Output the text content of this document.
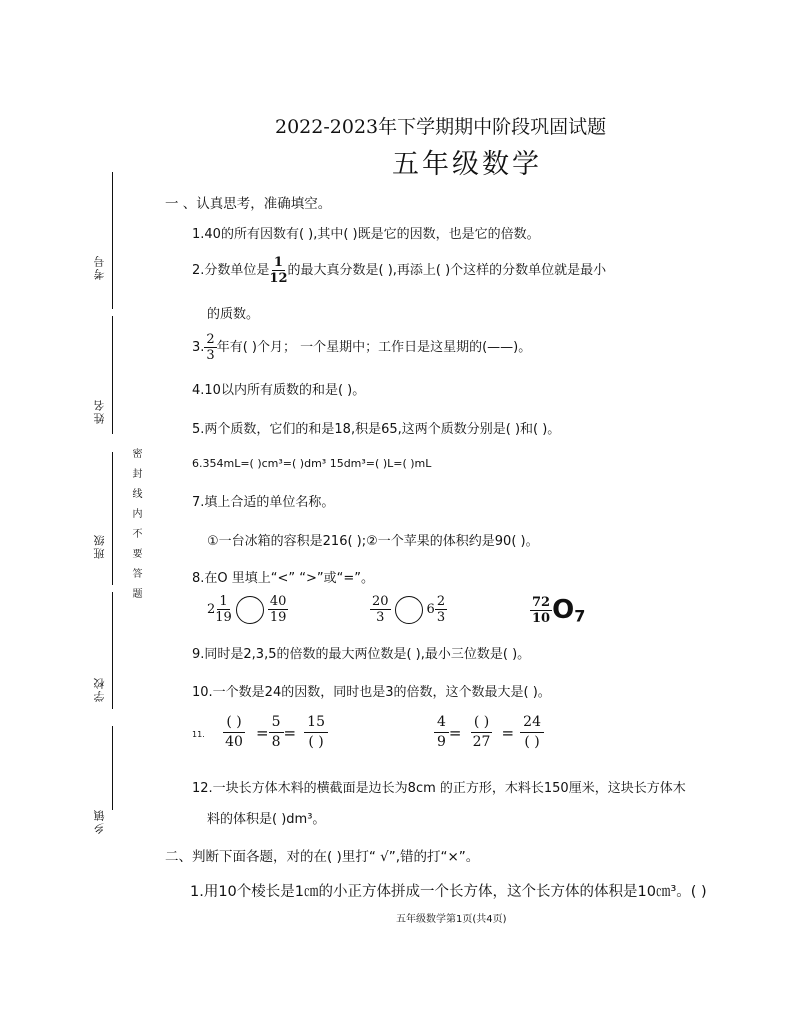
2022-2023年下学期期中阶段巩固试题
五年级数学
考号
姓名
班级
学校
乡镇
密封线内不要答题
一 、认真思考，准确填空。
1.40的所有因数有( ),其中( )既是它的因数，也是它的倍数。
2.分数单位是 $\frac{1}{12}$ 的最大真分数是( ),再添上( )个这样的分数单位就是最小
的质数。
3. $\frac{2}{3}$ 年有( )个月； 一个星期中；工作日是这星期的(——)。
4.10以内所有质数的和是( )。
5.两个质数，它们的和是18,积是65,这两个质数分别是( )和( )。
6.354mL=( )cm³=( )dm³ 15dm³=( )L=( )mL
7.填上合适的单位名称。
①一台冰箱的容积是216( );②一个苹果的体积约是90( )。
8.在O 里填上“<” “>”或“=”。
$2 \frac{1}{19}$	$\frac{40}{19}$	$\frac{20}{3}$	$6 \frac{2}{3}$	$\frac{72}{10} O7$
9.同时是2,3,5的倍数的最大两位数是( ),最小三位数是( )。
10.一个数是24的因数，同时也是3的倍数，这个数最大是( )。
11. $\frac{( )}{40} = \frac{5}{8} = \frac{15}{( )}$	$\frac{4}{9} = \frac{( )}{27} = \frac{24}{( )}$
12.一块长方体木料的横截面是边长为8cm 的正方形，木料长150厘米，这块长方体木
料的体积是( )dm³。
二、判断下面各题，对的在( )里打“ √”,错的打“×”。
1.用10个棱长是1㎝的小正方体拼成一个长方体，这个长方体的体积是10㎝³。( )
五年级数学第1页(共4页)
